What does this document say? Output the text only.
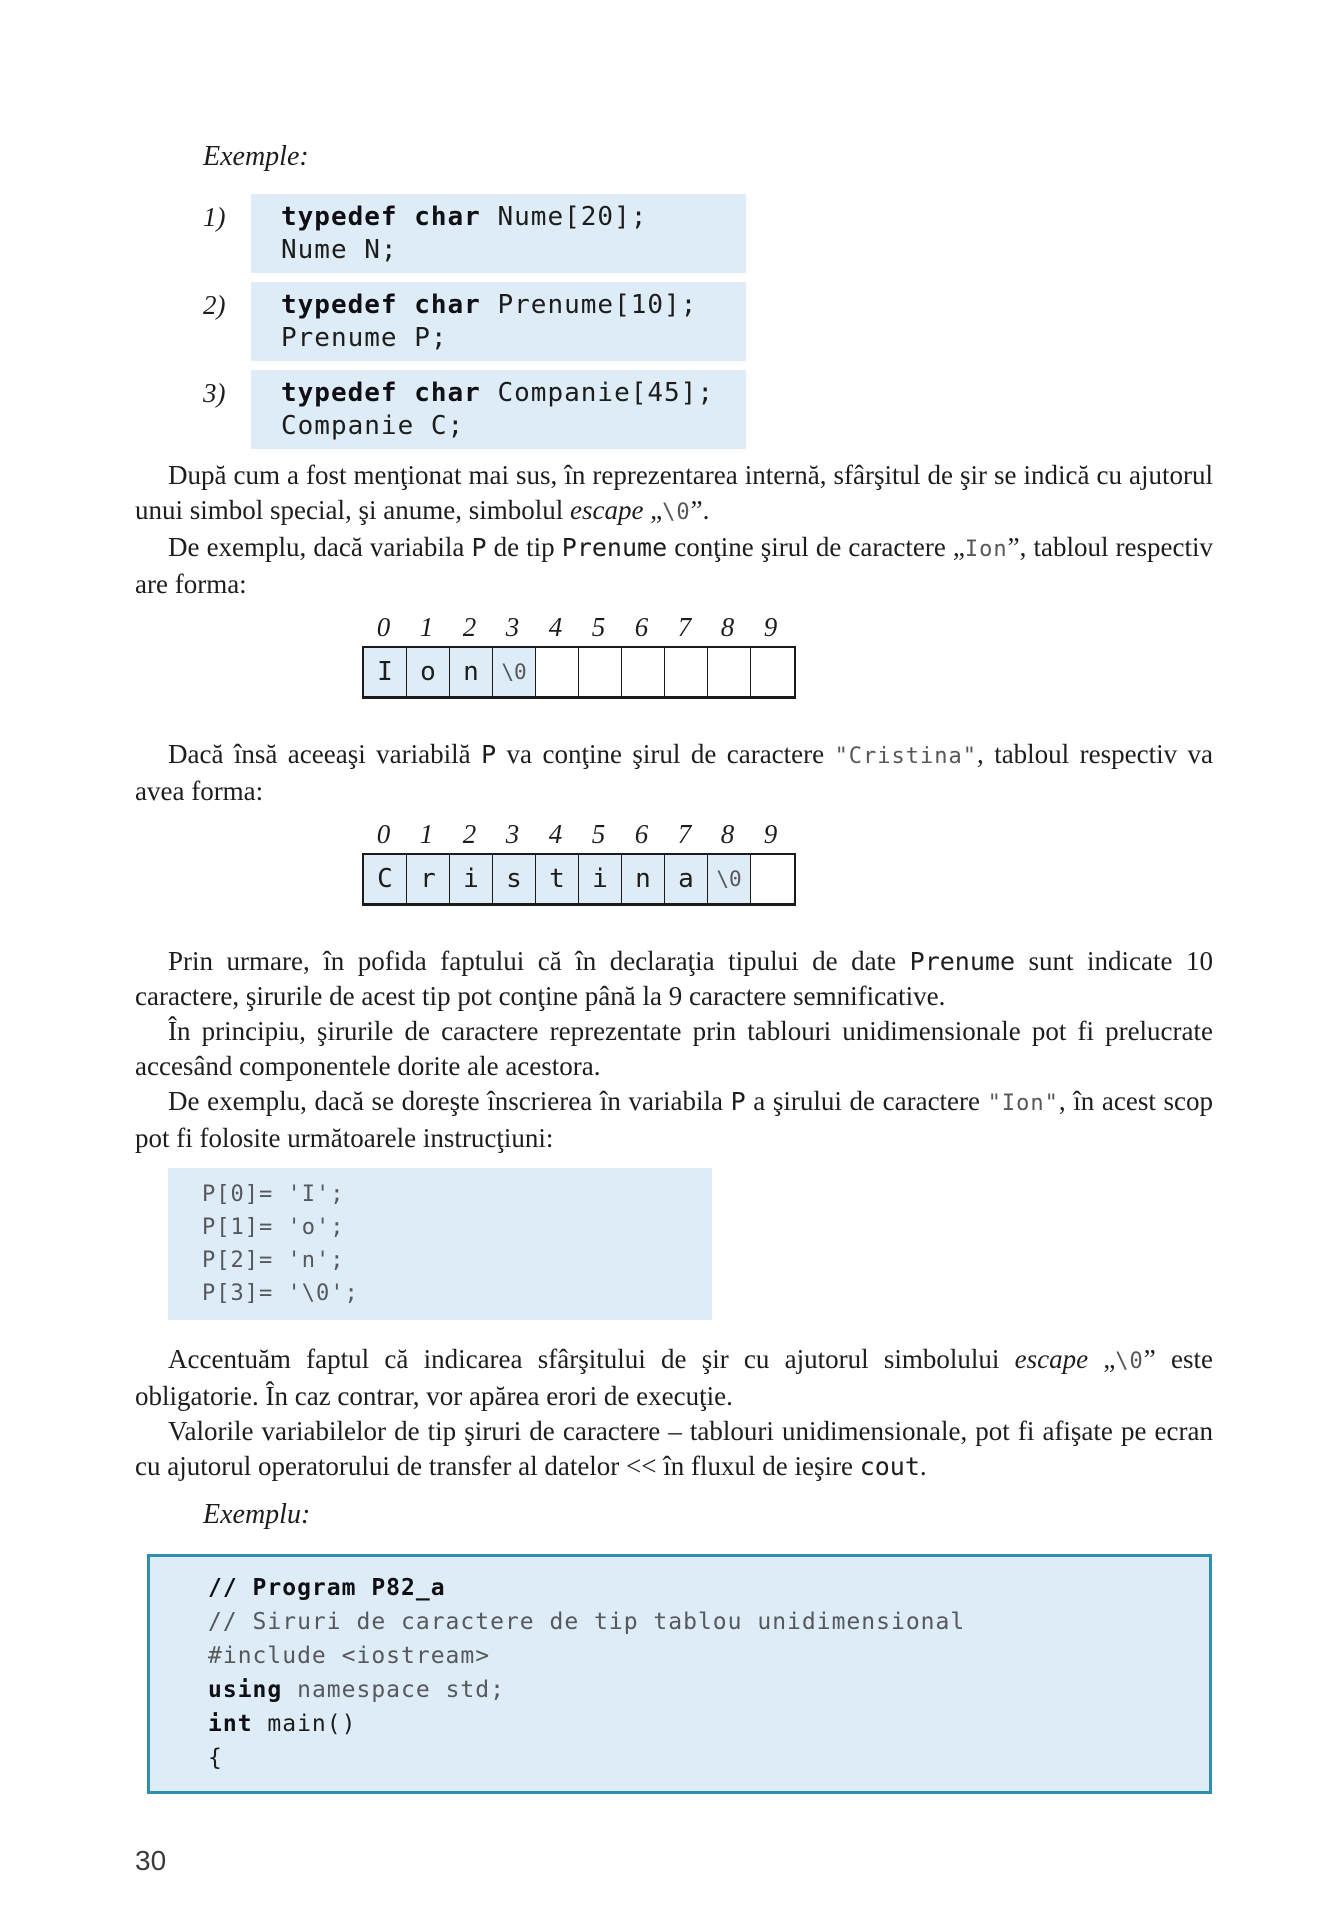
Exemple:
1)	typedef char Nume[20];
Nume N;
2)	typedef char Prenume[10];
Prenume P;
3)	typedef char Companie[45];
Companie C;

După cum a fost menţionat mai sus, în reprezentarea internă, sfârşitul de şir se indică cu ajutorul unui simbol special, şi anume, simbolul escape „\0”.

De exemplu, dacă variabila P de tip Prenume conţine şirul de caractere „Ion”, tabloul respectiv are forma:

0	1	2	3	4	5	6	7	8	9
I	o	n	\0

Dacă însă aceeaşi variabilă P va conţine şirul de caractere "Cristina", tabloul respectiv va avea forma:

0	1	2	3	4	5	6	7	8	9
C	r	i	s	t	i	n	a	\0

Prin urmare, în pofida faptului că în declaraţia tipului de date Prenume sunt indicate 10 caractere, şirurile de acest tip pot conţine până la 9 caractere semnificative.

În principiu, şirurile de caractere reprezentate prin tablouri unidimensionale pot fi prelucrate accesând componentele dorite ale acestora.

De exemplu, dacă se doreşte înscrierea în variabila P a şirului de caractere "Ion", în acest scop pot fi folosite următoarele instrucţiuni:

P[0]= 'I';
P[1]= 'o';
P[2]= 'n';
P[3]= '\0';

Accentuăm faptul că indicarea sfârşitului de şir cu ajutorul simbolului escape „\0” este obligatorie. În caz contrar, vor apărea erori de execuţie.

Valorile variabilelor de tip şiruri de caractere – tablouri unidimensionale, pot fi afişate pe ecran cu ajutorul operatorului de transfer al datelor << în fluxul de ieşire cout.

Exemplu:
// Program P82_a
// Siruri de caractere de tip tablou unidimensional
#include <iostream>
using namespace std;
int main()
{
30
